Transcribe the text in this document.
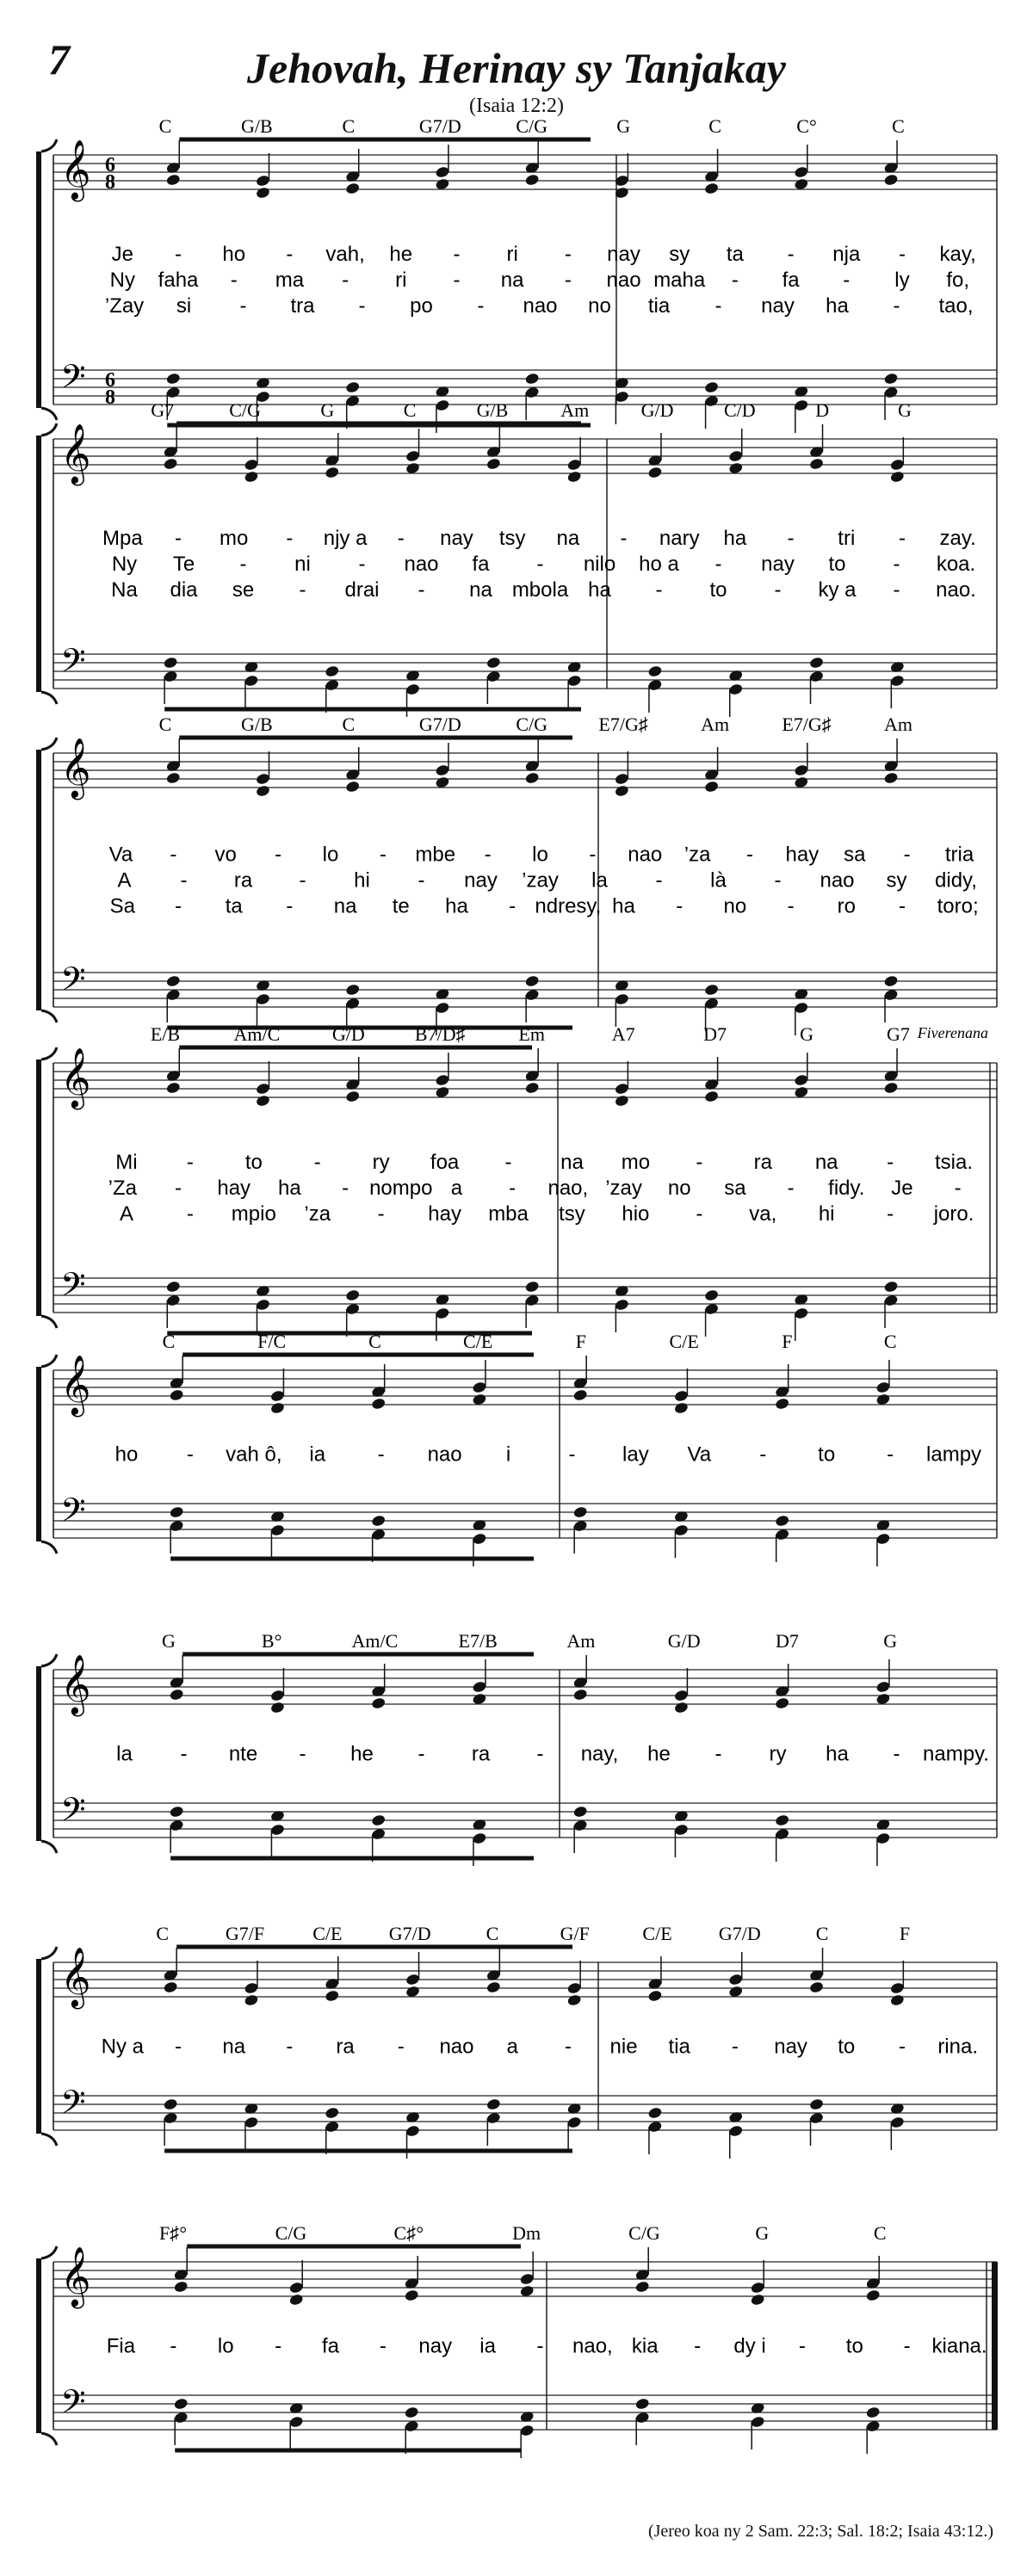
7	Jehovah, Herinay sy Tanjakay
(Isaia 12:2)
𝄞
𝄢
6
8
6
8
C	G/B	C	G7/D	C/G	G	C	C°	C
Je - ho - vah, he - ri - nay sy ta - nja - kay,
Ny faha - ma - ri - na - nao maha - fa - ly fo,
’Zay si - tra - po - nao no tia - nay ha - tao,
𝄞
𝄢
G7	C/G	G	C	G/B	Am	G/D	C/D	D	G
Mpa - mo - njy a - nay tsy na - nary ha - tri - zay.
Ny Te - ni - nao fa - nilo ho a - nay to - koa.
Na dia se - drai - na mbola ha - to - ky a - nao.
𝄞
𝄢
C	G/B	C	G7/D	C/G	E7/G♯	Am	E7/G♯	Am
Va - vo - lo - mbe - lo - nao ’za - hay sa - tria
A - ra - hi - nay ’zay la - là - nao sy didy,
Sa - ta - na te ha - ndresy, ha - no - ro - toro;
𝄞
𝄢
E/B	Am/C	G/D	B7/D♯	Em	A7	D7	G	G7
Mi - to - ry foa - na mo - ra na - tsia.
’Za - hay ha - nompo a - nao, ’zay no sa - fidy. Je -
A	- mpio ’za - hay mba tsy hio - va, hi	- joro.
𝄞
𝄢
C	F/C	C	C/E	F	C/E	F	C
ho - vah ô, ia	- nao i	- lay Va - to - lampy
𝄞
𝄢
G	B°	Am/C	E7/B	Am	G/D	D7	G
la - nte - he - ra - nay, he - ry ha - nampy.
𝄞
𝄢
C	G7/F	C/E G7/D	C	G/F	C/E G7/D	C	F
Ny a - na - ra - nao a - nie tia - nay to - rina.
𝄞
𝄢
F♯°	C/G	C♯°	Dm	C/G	G	C
Fia - lo - fa - nay ia - nao, kia - dy i - to - kiana.
Fiverenana
(Jereo koa ny 2 Sam. 22:3; Sal. 18:2; Isaia 43:12.)
